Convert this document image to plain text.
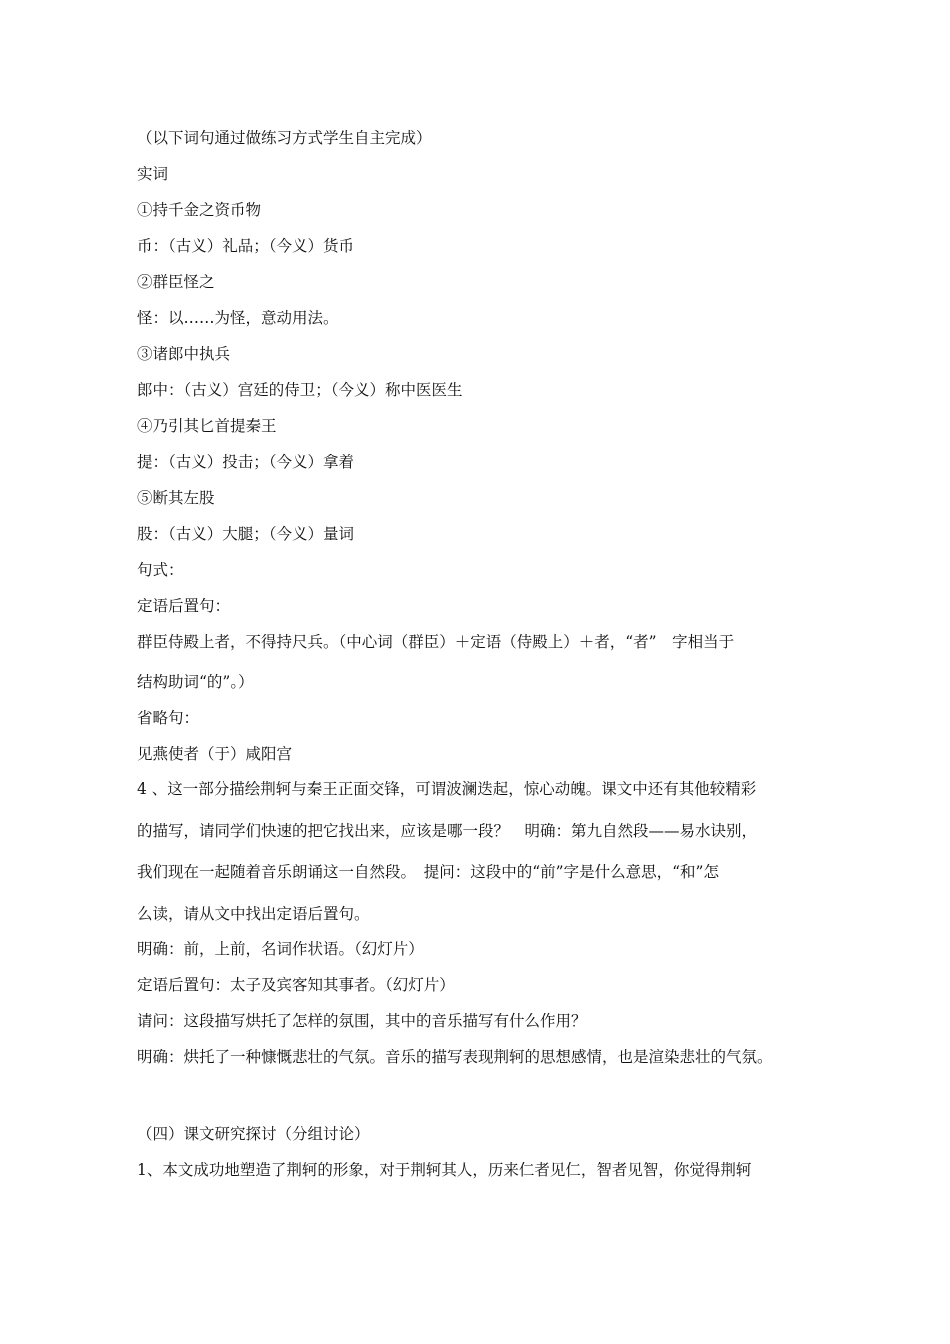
（以下词句通过做练习方式学生自主完成）

实词

①持千金之资币物

币：（古义）礼品；（今义）货币

②群臣怪之

怪：以……为怪，意动用法。

③诸郎中执兵

郎中：（古义）宫廷的侍卫；（今义）称中医医生

④乃引其匕首提秦王

提：（古义）投击；（今义）拿着

⑤断其左股

股：（古义）大腿；（今义）量词

句式：

定语后置句：

群臣侍殿上者，不得持尺兵。（中心词（群臣）＋定语（侍殿上）＋者，“者”　字相当于

结构助词“的”。）

省略句：

见燕使者（于）咸阳宫

4 、这一部分描绘荆轲与秦王正面交锋，可谓波澜迭起，惊心动魄。课文中还有其他较精彩

的描写，请同学们快速的把它找出来，应该是哪一段？　明确：第九自然段——易水诀别，

我们现在一起随着音乐朗诵这一自然段。　提问：这段中的“前”字是什么意思，“和”怎

么读，请从文中找出定语后置句。

明确：前，上前，名词作状语。（幻灯片）

定语后置句：太子及宾客知其事者。（幻灯片）

请问：这段描写烘托了怎样的氛围，其中的音乐描写有什么作用？

明确：烘托了一种慷慨悲壮的气氛。音乐的描写表现荆轲的思想感情，也是渲染悲壮的气氛。

（四）课文研究探讨（分组讨论）

1、本文成功地塑造了荆轲的形象，对于荆轲其人，历来仁者见仁，智者见智，你觉得荆轲
